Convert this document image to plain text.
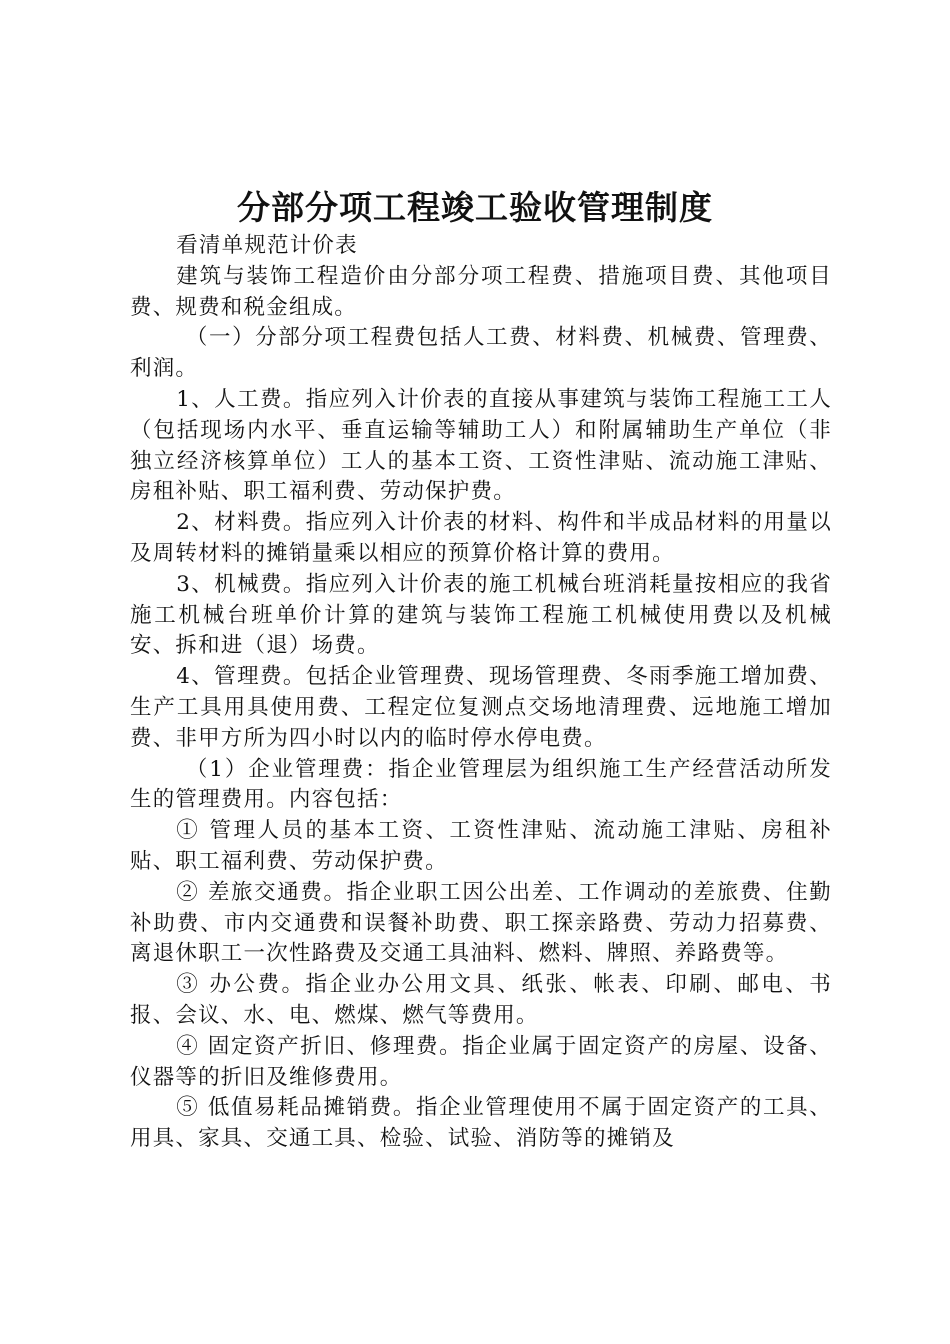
分部分项工程竣工验收管理制度

看清单规范计价表

建筑与装饰工程造价由分部分项工程费、措施项目费、其他项目费、规费和税金组成。

（一）分部分项工程费包括人工费、材料费、机械费、管理费、利润。

1、人工费。指应列入计价表的直接从事建筑与装饰工程施工工人（包括现场内水平、垂直运输等辅助工人）和附属辅助生产单位（非独立经济核算单位）工人的基本工资、工资性津贴、流动施工津贴、房租补贴、职工福利费、劳动保护费。

2、材料费。指应列入计价表的材料、构件和半成品材料的用量以及周转材料的摊销量乘以相应的预算价格计算的费用。

3、机械费。指应列入计价表的施工机械台班消耗量按相应的我省施工机械台班单价计算的建筑与装饰工程施工机械使用费以及机械安、拆和进（退）场费。

4、管理费。包括企业管理费、现场管理费、冬雨季施工增加费、生产工具用具使用费、工程定位复测点交场地清理费、远地施工增加费、非甲方所为四小时以内的临时停水停电费。

（1）企业管理费：指企业管理层为组织施工生产经营活动所发生的管理费用。内容包括：

① 管理人员的基本工资、工资性津贴、流动施工津贴、房租补贴、职工福利费、劳动保护费。

② 差旅交通费。指企业职工因公出差、工作调动的差旅费、住勤补助费、市内交通费和误餐补助费、职工探亲路费、劳动力招募费、离退休职工一次性路费及交通工具油料、燃料、牌照、养路费等。

③ 办公费。指企业办公用文具、纸张、帐表、印刷、邮电、书报、会议、水、电、燃煤、燃气等费用。

④ 固定资产折旧、修理费。指企业属于固定资产的房屋、设备、仪器等的折旧及维修费用。

⑤ 低值易耗品摊销费。指企业管理使用不属于固定资产的工具、用具、家具、交通工具、检验、试验、消防等的摊销及
